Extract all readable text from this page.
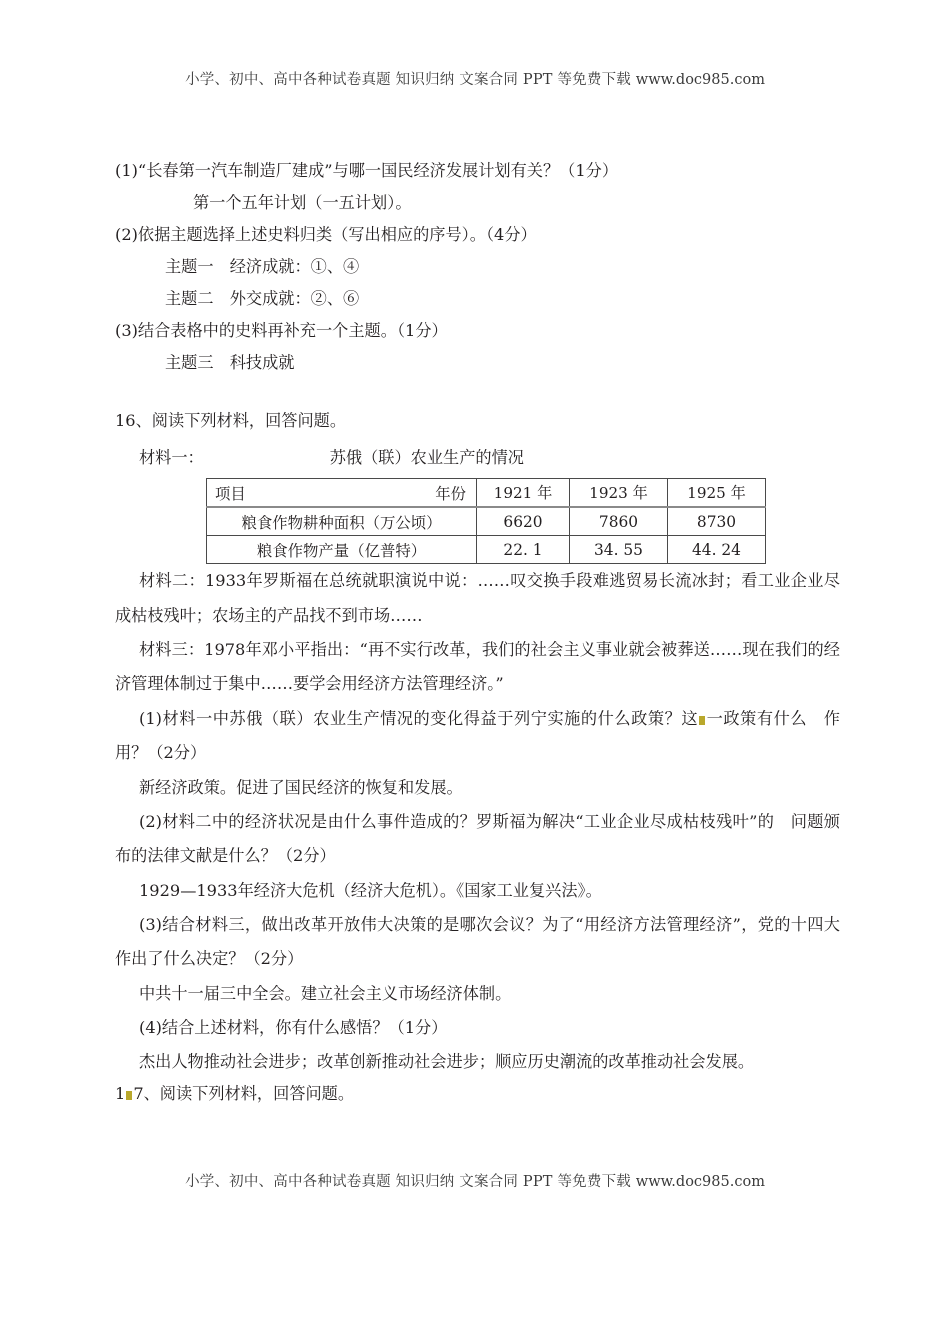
小学、初中、高中各种试卷真题 知识归纳 文案合同 PPT 等免费下载 www.doc985.com

(1)“长春第一汽车制造厂建成”与哪一国民经济发展计划有关？（1分）

第一个五年计划（一五计划）。

(2)依据主题选择上述史料归类（写出相应的序号）。（4分）

主题一　经济成就：①、④

主题二　外交成就：②、⑥

(3)结合表格中的史料再补充一个主题。（1分）

主题三　科技成就

16、阅读下列材料，回答问题。

材料一：	苏俄（联）农业生产的情况

项目 年份	1921 年	1923 年	1925 年
粮食作物耕种面积（万公顷）	6620	7860	8730
粮食作物产量（亿普特）	22. 1	34. 55	44. 24

材料二：1933年罗斯福在总统就职演说中说：……叹交换手段难逃贸易长流冰封；看工业企业尽成枯枝残叶；农场主的产品找不到市场……

材料三：1978年邓小平指出：“再不实行改革，我们的社会主义事业就会被葬送……现在我们的经济管理体制过于集中……要学会用经济方法管理经济。”

(1)材料一中苏俄（联）农业生产情况的变化得益于列宁实施的什么政策？这 一政策有什么　作用？（2分）

新经济政策。促进了国民经济的恢复和发展。

(2)材料二中的经济状况是由什么事件造成的？罗斯福为解决“工业企业尽成枯枝残叶”的　问题颁布的法律文献是什么？（2分）

1929—1933年经济大危机（经济大危机）。《国家工业复兴法》。

(3)结合材料三，做出改革开放伟大决策的是哪次会议？为了“用经济方法管理经济”，党的十四大作出了什么决定？（2分）

中共十一届三中全会。建立社会主义市场经济体制。

(4)结合上述材料，你有什么感悟？（1分）

杰出人物推动社会进步；改革创新推动社会进步；顺应历史潮流的改革推动社会发展。

1 7、阅读下列材料，回答问题。

小学、初中、高中各种试卷真题 知识归纳 文案合同 PPT 等免费下载 www.doc985.com
